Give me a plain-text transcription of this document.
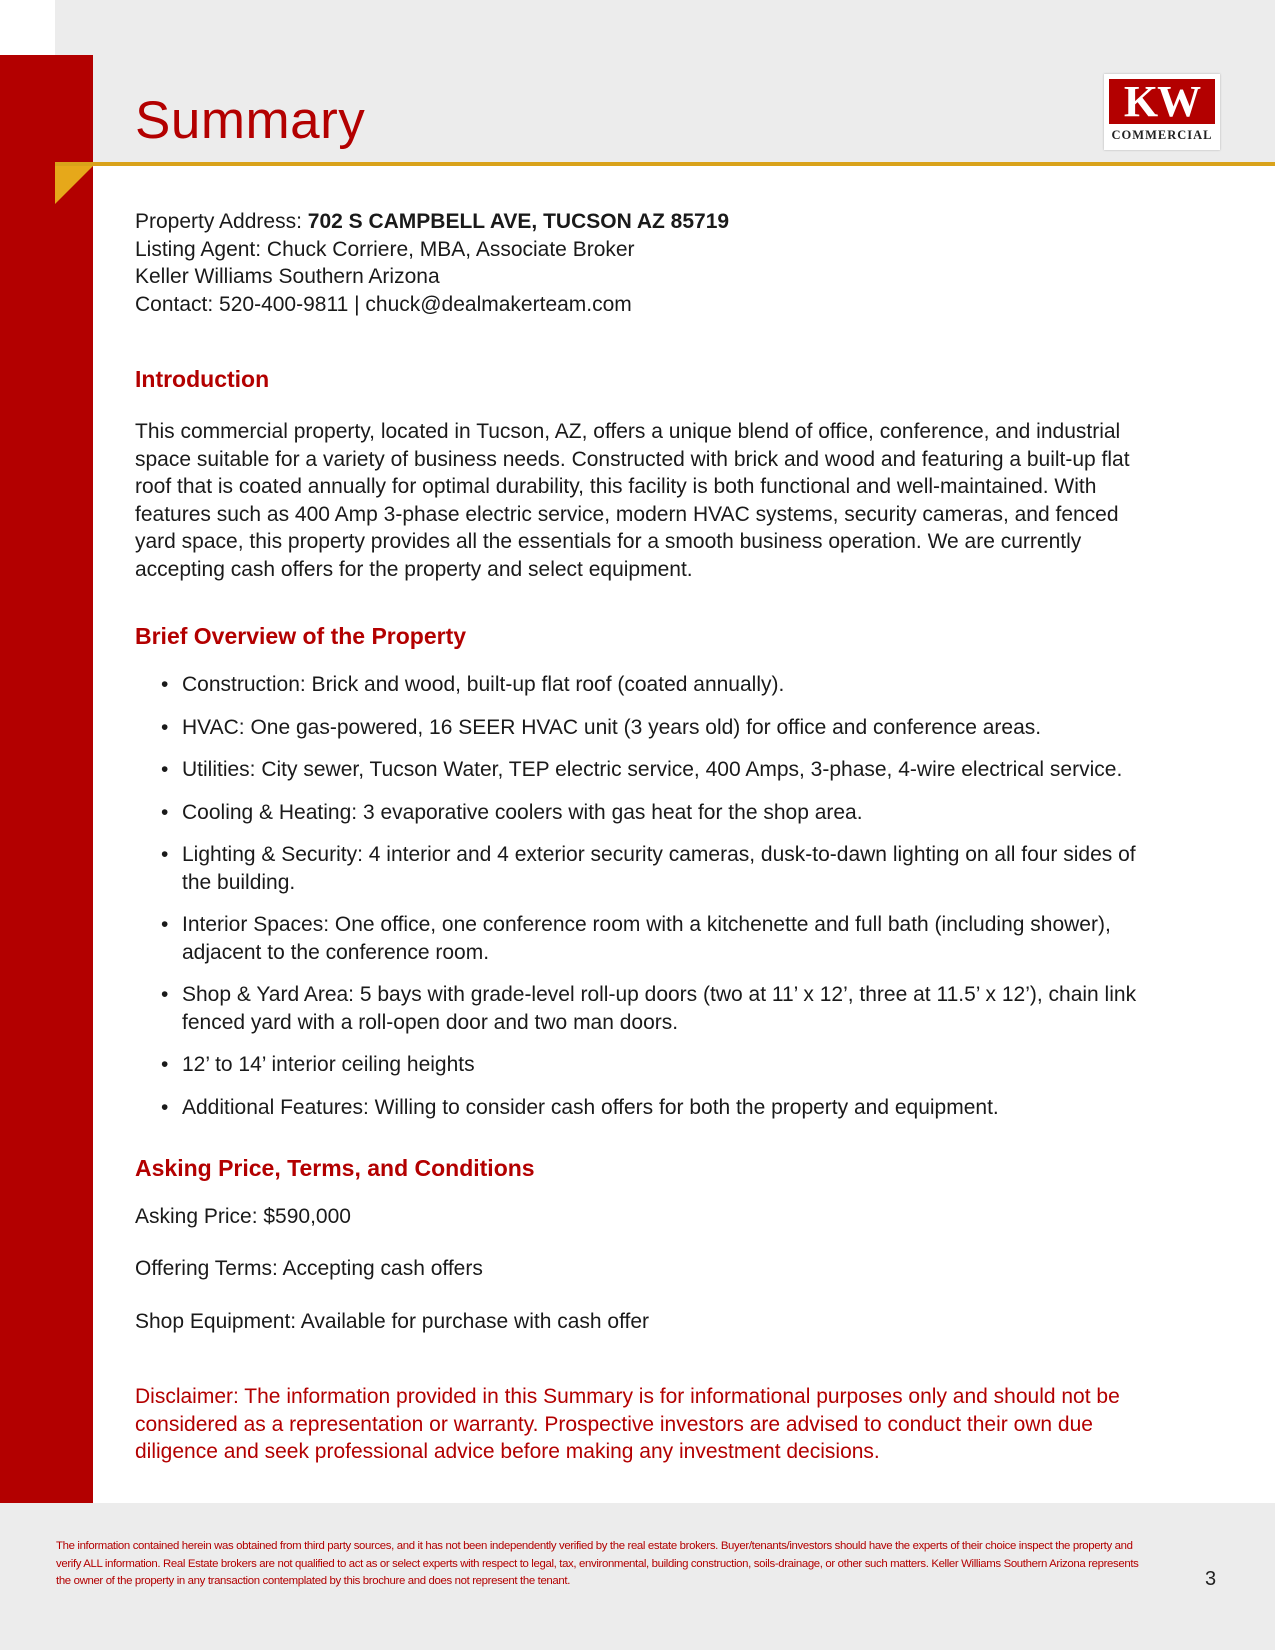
Summary	KW
COMMERCIAL

Property Address: 702 S CAMPBELL AVE, TUCSON AZ 85719

Listing Agent: Chuck Corriere, MBA, Associate Broker

Keller Williams Southern Arizona

Contact: 520-400-9811 | chuck@dealmakerteam.com

Introduction

This commercial property, located in Tucson, AZ, offers a unique blend of office, conference, and industrial space suitable for a variety of business needs. Constructed with brick and wood and featuring a built-up flat roof that is coated annually for optimal durability, this facility is both functional and well-maintained. With features such as 400 Amp 3-phase electric service, modern HVAC systems, security cameras, and fenced yard space, this property provides all the essentials for a smooth business operation. We are currently accepting cash offers for the property and select equipment.

Brief Overview of the Property
• Construction: Brick and wood, built-up flat roof (coated annually).
• HVAC: One gas-powered, 16 SEER HVAC unit (3 years old) for office and conference areas.
• Utilities: City sewer, Tucson Water, TEP electric service, 400 Amps, 3-phase, 4-wire electrical service.
• Cooling & Heating: 3 evaporative coolers with gas heat for the shop area.
• Lighting & Security: 4 interior and 4 exterior security cameras, dusk-to-dawn lighting on all four sides of the building.
• Interior Spaces: One office, one conference room with a kitchenette and full bath (including shower), adjacent to the conference room.
• Shop & Yard Area: 5 bays with grade-level roll-up doors (two at 11’ x 12’, three at 11.5’ x 12’), chain link fenced yard with a roll-open door and two man doors.
• 12’ to 14’ interior ceiling heights
• Additional Features: Willing to consider cash offers for both the property and equipment.
Asking Price, Terms, and Conditions

Asking Price: $590,000

Offering Terms: Accepting cash offers

Shop Equipment: Available for purchase with cash offer

Disclaimer: The information provided in this Summary is for informational purposes only and should not be considered as a representation or warranty. Prospective investors are advised to conduct their own due diligence and seek professional advice before making any investment decisions.

The information contained herein was obtained from third party sources, and it has not been independently verified by the real estate brokers. Buyer/tenants/investors should have the experts of their choice inspect the property and verify ALL information. Real Estate brokers are not qualified to act as or select experts with respect to legal, tax, environmental, building construction, soils-drainage, or other such matters. Keller Williams Southern Arizona represents the owner of the property in any transaction contemplated by this brochure and does not represent the tenant.	3
